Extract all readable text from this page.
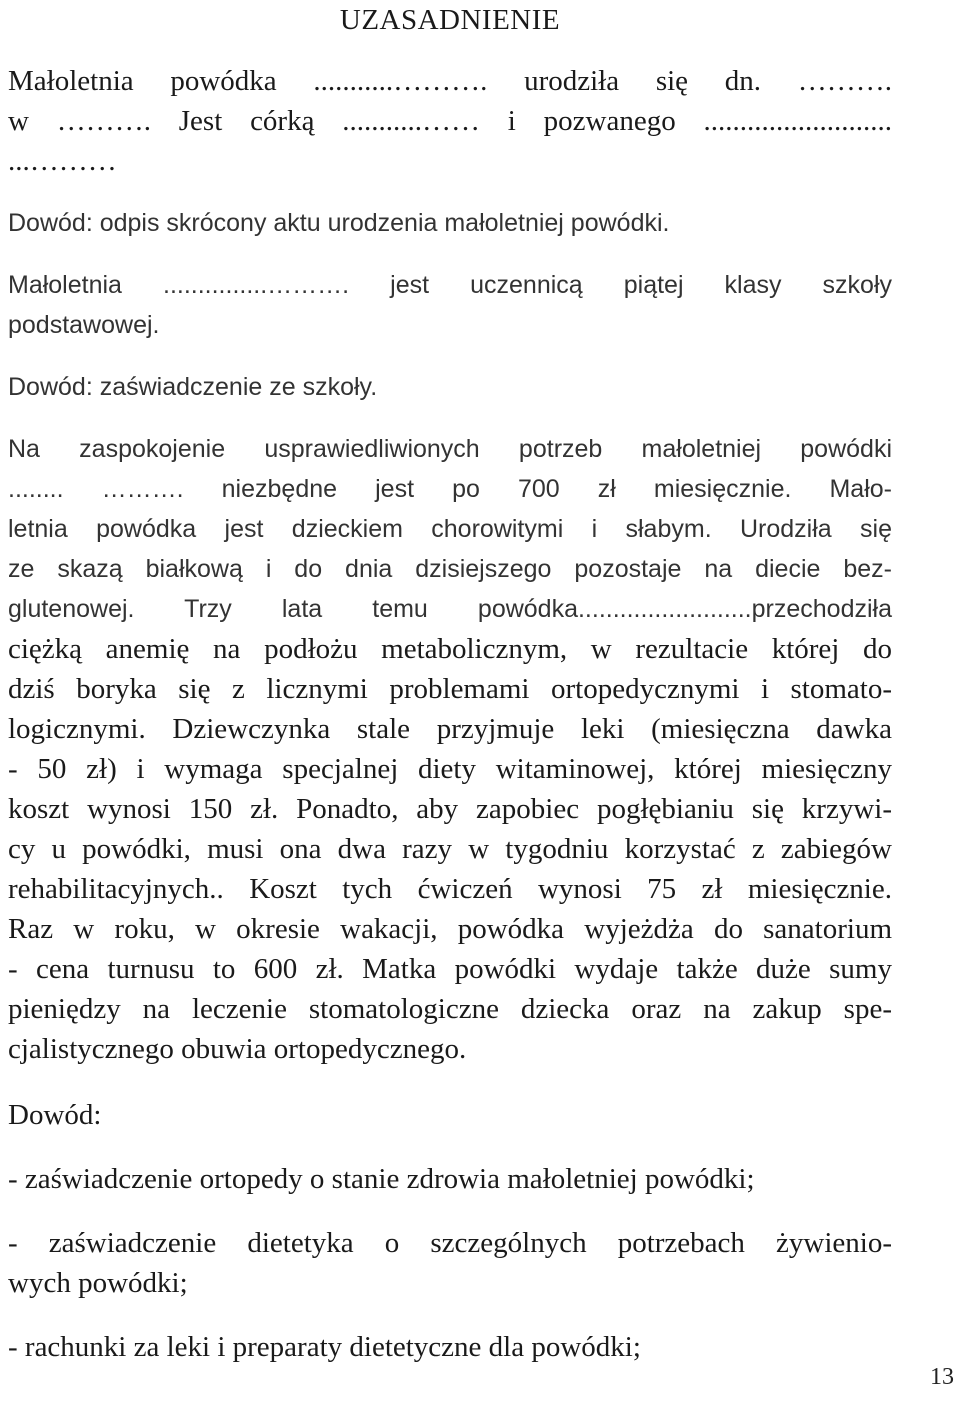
UZASADNIENIE
Małoletnia powódka ...........………. urodziła się dn. ……….
w ………. Jest córką ...........…… i pozwanego ..........................
...………
Dowód: odpis skrócony aktu urodzenia małoletniej powódki.
Małoletnia ...............………. jest uczennicą piątej klasy szkoły
podstawowej.
Dowód: zaświadczenie ze szkoły.
Na zaspokojenie usprawiedliwionych potrzeb małoletniej powódki
........ ………. niezbędne jest po 700 zł miesięcznie. Mało-
letnia powódka jest dzieckiem chorowitymi i słabym. Urodziła się
ze skazą białkową i do dnia dzisiejszego pozostaje na diecie bez-
glutenowej. Trzy lata temu powódka.........................przechodziła
ciężką anemię na podłożu metabolicznym, w rezultacie której do
dziś boryka się z licznymi problemami ortopedycznymi i stomato-
logicznymi. Dziewczynka stale przyjmuje leki (miesięczna dawka
- 50 zł) i wymaga specjalnej diety witaminowej, której miesięczny
koszt wynosi 150 zł. Ponadto, aby zapobiec pogłębianiu się krzywi-
cy u powódki, musi ona dwa razy w tygodniu korzystać z zabiegów
rehabilitacyjnych.. Koszt tych ćwiczeń wynosi 75 zł miesięcznie.
Raz w roku, w okresie wakacji, powódka wyjeżdża do sanatorium
- cena turnusu to 600 zł. Matka powódki wydaje także duże sumy
pieniędzy na leczenie stomatologiczne dziecka oraz na zakup spe-
cjalistycznego obuwia ortopedycznego.
Dowód:
- zaświadczenie ortopedy o stanie zdrowia małoletniej powódki;
- zaświadczenie dietetyka o szczególnych potrzebach żywienio-
wych powódki;
- rachunki za leki i preparaty dietetyczne dla powódki;
13
